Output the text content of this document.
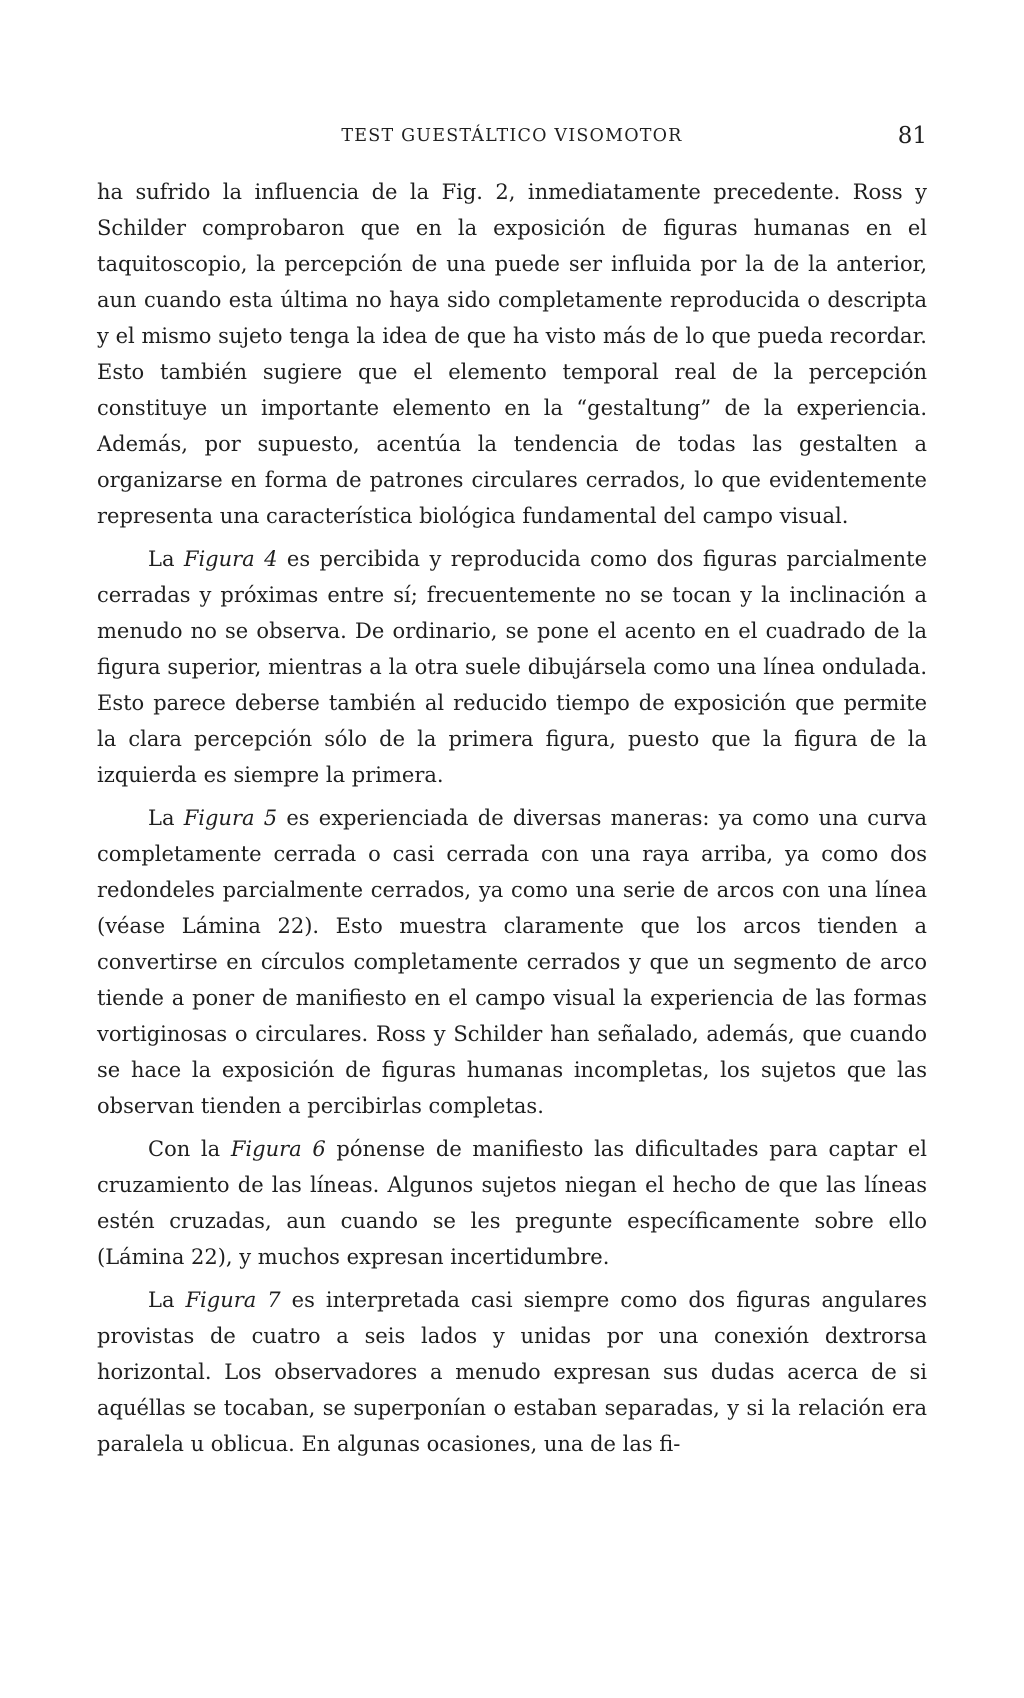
TEST GUESTÁLTICO VISOMOTOR	81

ha sufrido la influencia de la Fig. 2, inmediatamente precedente. Ross y Schilder comprobaron que en la exposición de figuras humanas en el taquitoscopio, la percepción de una puede ser influida por la de la anterior, aun cuando esta última no haya sido completamente reproducida o descripta y el mismo sujeto tenga la idea de que ha visto más de lo que pueda recordar. Esto también sugiere que el elemento temporal real de la percepción constituye un importante elemento en la “gestaltung” de la experiencia. Además, por supuesto, acentúa la tendencia de todas las gestalten a organizarse en forma de patrones circulares cerrados, lo que evidentemente representa una característica biológica fundamental del campo visual.

La Figura 4 es percibida y reproducida como dos figuras parcialmente cerradas y próximas entre sí; frecuentemente no se tocan y la inclinación a menudo no se observa. De ordinario, se pone el acento en el cuadrado de la figura superior, mientras a la otra suele dibujársela como una línea ondulada. Esto parece deberse también al reducido tiempo de exposición que permite la clara percepción sólo de la primera figura, puesto que la figura de la izquierda es siempre la primera.

La Figura 5 es experienciada de diversas maneras: ya como una curva completamente cerrada o casi cerrada con una raya arriba, ya como dos redondeles parcialmente cerrados, ya como una serie de arcos con una línea (véase Lámina 22). Esto muestra claramente que los arcos tienden a convertirse en círculos completamente cerrados y que un segmento de arco tiende a poner de manifiesto en el campo visual la experiencia de las formas vortiginosas o circulares. Ross y Schilder han señalado, además, que cuando se hace la exposición de figuras humanas incompletas, los sujetos que las observan tienden a percibirlas completas.

Con la Figura 6 pónense de manifiesto las dificultades para captar el cruzamiento de las líneas. Algunos sujetos niegan el hecho de que las líneas estén cruzadas, aun cuando se les pregunte específicamente sobre ello (Lámina 22), y muchos expresan incertidumbre.

La Figura 7 es interpretada casi siempre como dos figuras angulares provistas de cuatro a seis lados y unidas por una conexión dextrorsa horizontal. Los observadores a menudo expresan sus dudas acerca de si aquéllas se tocaban, se superponían o estaban separadas, y si la relación era paralela u oblicua. En algunas ocasiones, una de las fi-
